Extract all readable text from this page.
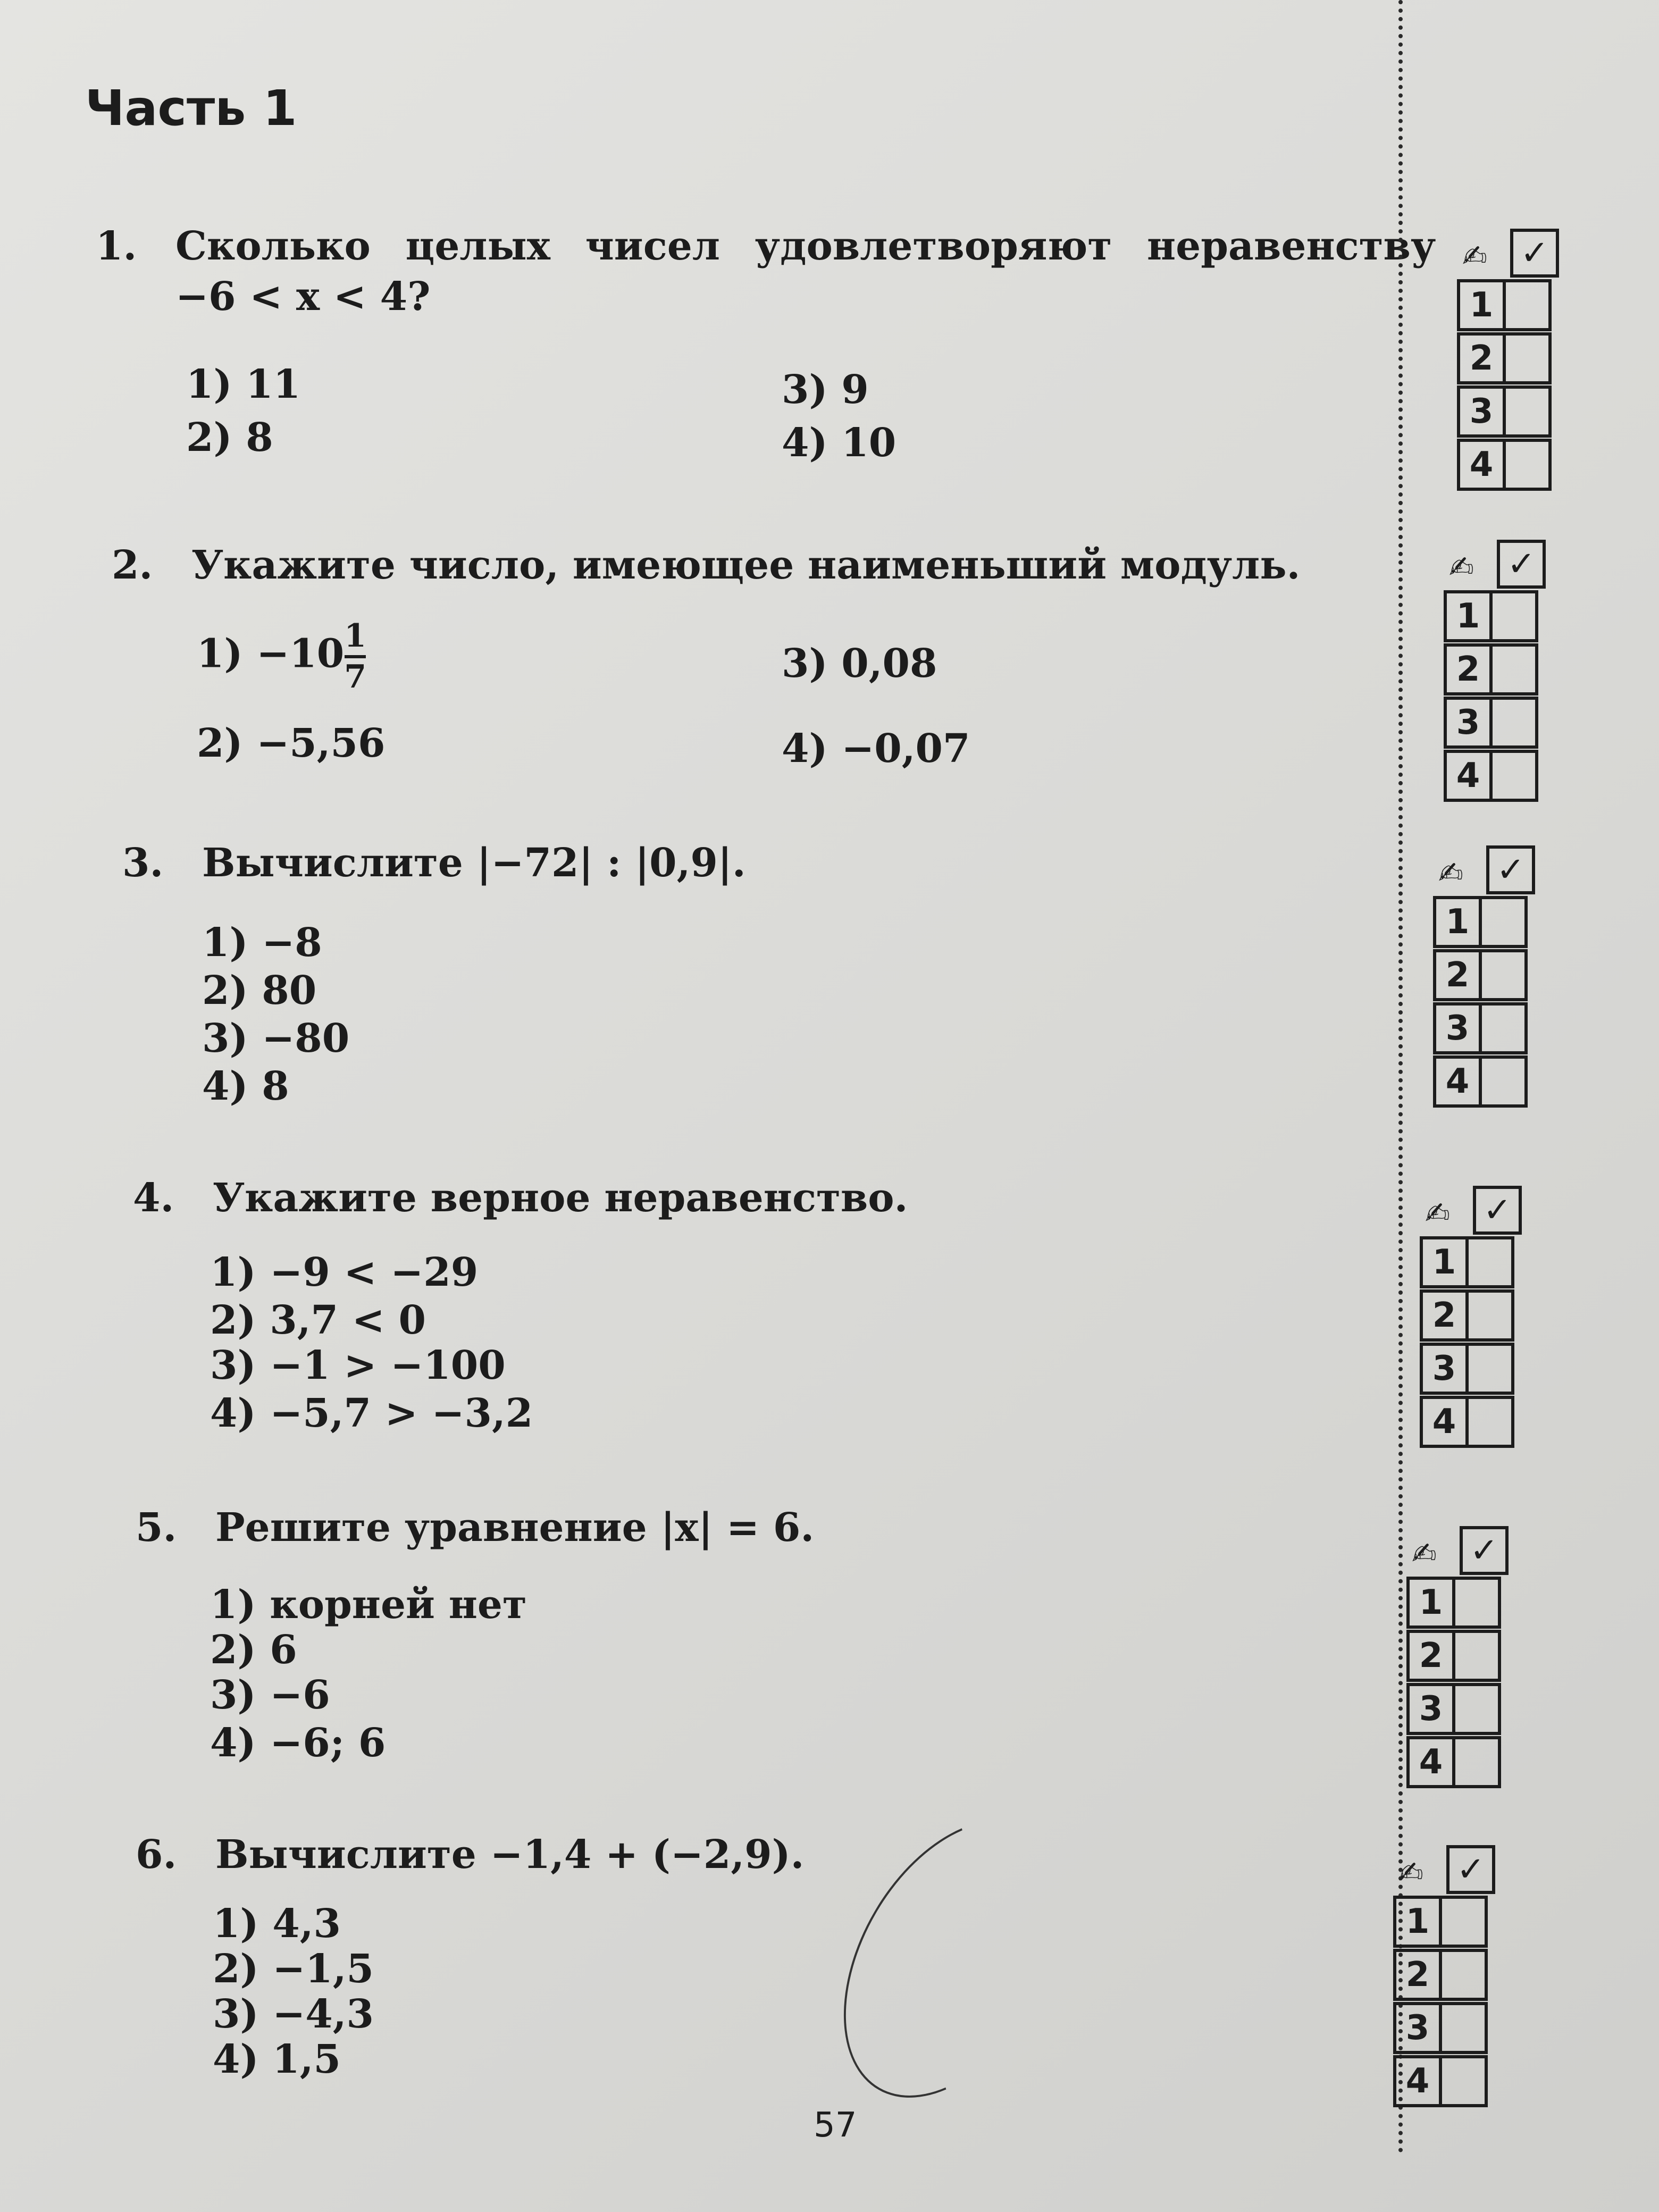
Часть 1
1. Сколько целых чисел удовлетворяют неравенству
−6 < x < 4?
1) 11
2) 8
3) 9
4) 10
2. Укажите число, имеющее наименьший модуль.
1) −10 1
7
2) −5,56
3) 0,08
4) −0,07
3. Вычислите |−72| : |0,9|.
1) −8
2) 80
3) −80
4) 8
4. Укажите верное неравенство.
1) −9 < −29
2) 3,7 < 0
3) −1 > −100
4) −5,7 > −3,2
5. Решите уравнение |x| = 6.
1) корней нет
2) 6
3) −6
4) −6; 6
6. Вычислите −1,4 + (−2,9).
1) 4,3
2) −1,5
3) −4,3
4) 1,5
✍ ✓
1
2
3
4
✍ ✓
1
2
3
4
✍ ✓
1
2
3
4
✍ ✓
1
2
3
4
✍ ✓
1
2
3
4
✍ ✓
1
2
3
4
57
